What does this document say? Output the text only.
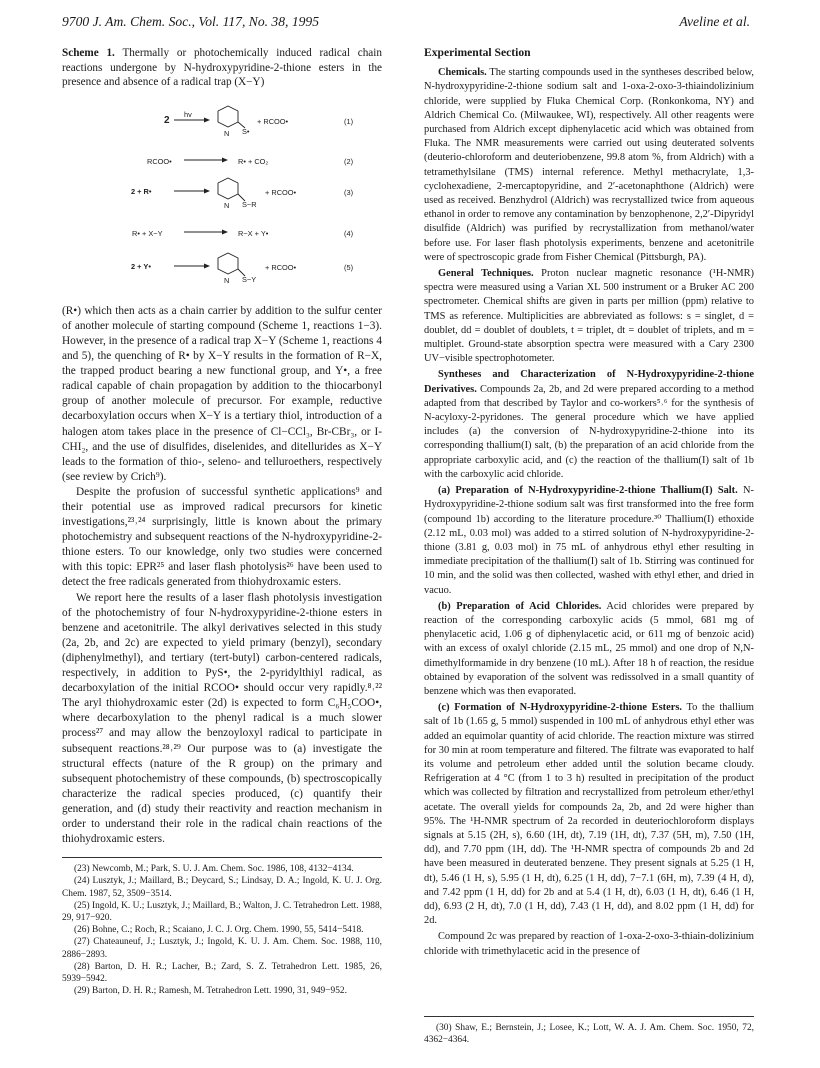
9700 J. Am. Chem. Soc., Vol. 117, No. 38, 1995	Aveline et al.
Scheme 1. Thermally or photochemically induced radical chain reactions undergone by N-hydroxypyridine-2-thione esters in the presence and absence of a radical trap (X−Y)
2
hv
N S•
+ RCOO•	(1)
RCOO•	R• + CO₂	(2)
2 + R•
N S−R
+ RCOO•	(3)
R• + X−Y	R−X + Y•	(4)
2 + Y•
N S−Y
+ RCOO•	(5)

(R•) which then acts as a chain carrier by addition to the sulfur center of another molecule of starting compound (Scheme 1, reactions 1−3). However, in the presence of a radical trap X−Y (Scheme 1, reactions 4 and 5), the quenching of R• by X−Y results in the formation of R−X, the trapped product bearing a new functional group, and Y•, a free radical capable of chain propagation by addition to the thiocarbonyl group of another molecule of precursor. For example, reductive decarboxylation occurs when X−Y is a tertiary thiol, introduction of a halogen atom takes place in the presence of Cl−CCl₃, Br-CBr₃, or I-CHI₂, and the use of disulfides, diselenides, and ditellurides as X−Y leads to the formation of thio-, seleno- and telluroethers, respectively (see review by Crich⁹).

Despite the profusion of successful synthetic applications⁹ and their potential use as improved radical precursors for kinetic investigations,²³˒²⁴ surprisingly, little is known about the primary photochemistry and subsequent reactions of the N-hydroxypyridine-2-thione esters. To our knowledge, only two studies were concerned with this topic: EPR²⁵ and laser flash photolysis²⁶ have been used to detect the free radicals generated from thiohydroxamic esters.

We report here the results of a laser flash photolysis investigation of the photochemistry of four N-hydroxypyridine-2-thione esters in benzene and acetonitrile. The alkyl derivatives selected in this study (2a, 2b, and 2c) are expected to yield primary (benzyl), secondary (diphenylmethyl), and tertiary (tert-butyl) carbon-centered radicals, respectively, in addition to PyS•, the 2-pyridylthiyl radical, as decarboxylation of the initial RCOO• should occur very rapidly.⁸˒²² The aryl thiohydroxamic ester (2d) is expected to form C₆H₅COO•, where decarboxylation to the phenyl radical is a much slower process²⁷ and may allow the benzoyloxyl radical to participate in subsequent reactions.²⁸˒²⁹ Our purpose was to (a) investigate the structural effects (nature of the R group) on the primary and subsequent photochemistry of these compounds, (b) spectroscopically characterize the radical species produced, (c) quantify their generation, and (d) study their reactivity and reaction mechanism in order to understand their role in the radical chain reactions of the thiohydroxamic esters.

(23) Newcomb, M.; Park, S. U. J. Am. Chem. Soc. 1986, 108, 4132−4134.

(24) Lusztyk, J.; Maillard, B.; Deycard, S.; Lindsay, D. A.; Ingold, K. U. J. Org. Chem. 1987, 52, 3509−3514.

(25) Ingold, K. U.; Lusztyk, J.; Maillard, B.; Walton, J. C. Tetrahedron Lett. 1988, 29, 917−920.

(26) Bohne, C.; Roch, R.; Scaiano, J. C. J. Org. Chem. 1990, 55, 5414−5418.

(27) Chateauneuf, J.; Lusztyk, J.; Ingold, K. U. J. Am. Chem. Soc. 1988, 110, 2886−2893.

(28) Barton, D. H. R.; Lacher, B.; Zard, S. Z. Tetrahedron Lett. 1985, 26, 5939−5942.

(29) Barton, D. H. R.; Ramesh, M. Tetrahedron Lett. 1990, 31, 949−952.

Experimental Section

Chemicals. The starting compounds used in the syntheses described below, N-hydroxypyridine-2-thione sodium salt and 1-oxa-2-oxo-3-thiaindolizinium chloride, were supplied by Fluka Chemical Corp. (Ronkonkoma, NY) and Aldrich Chemical Co. (Milwaukee, WI), respectively. All other reagents were purchased from Aldrich except diphenylacetic acid which was obtained from Fluka. The NMR measurements were carried out using deuterated solvents (deuterio-chloroform and deuteriobenzene, 99.8 atom %, from Aldrich) with a tetramethylsilane (TMS) internal reference. Methyl methacrylate, 1,3-cyclohexadiene, 2-mercaptopyridine, and 2′-acetonaphthone (Aldrich) were used as received. Benzhydrol (Aldrich) was recrystallized twice from aqueous ethanol in order to remove any contamination by benzophenone, 2,2′-Dipyridyl disulfide (Aldrich) was purified by recrystallization from methanol/water before use. For laser flash photolysis experiments, benzene and acetonitrile were of spectroscopic grade from Fisher Chemical (Pittsburgh, PA).

General Techniques. Proton nuclear magnetic resonance (¹H-NMR) spectra were measured using a Varian XL 500 instrument or a Bruker AC 200 spectrometer. Chemical shifts are given in parts per million (ppm) relative to TMS as reference. Multiplicities are abbreviated as follows: s = singlet, d = doublet, dd = doublet of doublets, t = triplet, dt = doublet of triplets, and m = multiplet. Ground-state absorption spectra were measured with a Cary 2300 UV−visible spectrophotometer.

Syntheses and Characterization of N-Hydroxypyridine-2-thione Derivatives. Compounds 2a, 2b, and 2d were prepared according to a method adapted from that described by Taylor and co-workers⁵˒⁶ for the synthesis of N-acyloxy-2-pyridones. The general procedure which we have applied includes (a) the conversion of N-hydroxypyridine-2-thione into its corresponding thallium(I) salt, (b) the preparation of an acid chloride from the appropriate carboxylic acid, and (c) the reaction of the thallium(I) salt of 1b with the carboxylic acid chloride.

(a) Preparation of N-Hydroxypyridine-2-thione Thallium(I) Salt. N-Hydroxypyridine-2-thione sodium salt was first transformed into the free form (compound 1b) according to the literature procedure.³⁰ Thallium(I) ethoxide (2.12 mL, 0.03 mol) was added to a stirred solution of N-hydroxypyridine-2-thione (3.81 g, 0.03 mol) in 75 mL of anhydrous ethyl ether resulting in immediate precipitation of the thallium(I) salt of 1b. Stirring was continued for 10 min, and the solid was then collected, washed with ethyl ether, and dried in vacuo.

(b) Preparation of Acid Chlorides. Acid chlorides were prepared by reaction of the corresponding carboxylic acids (5 mmol, 681 mg of phenylacetic acid, 1.06 g of diphenylacetic acid, or 611 mg of benzoic acid) with an excess of oxalyl chloride (2.15 mL, 25 mmol) and one drop of N,N-dimethylformamide in dry benzene (10 mL). After 18 h of reaction, the residue obtained by evaporation of the solvent was redissolved in a small quantity of benzene which was then evaporated.

(c) Formation of N-Hydroxypyridine-2-thione Esters. To the thallium salt of 1b (1.65 g, 5 mmol) suspended in 100 mL of anhydrous ethyl ether was added an equimolar quantity of acid chloride. The reaction mixture was stirred for 30 min at room temperature and filtered. The filtrate was evaporated to half its volume and petroleum ether added until the solution became cloudy. Refrigeration at 4 °C (from 1 to 3 h) resulted in precipitation of the product which was collected by filtration and recrystallized from petroleum ether/ethyl acetate. The overall yields for compounds 2a, 2b, and 2d were higher than 95%. The ¹H-NMR spectrum of 2a recorded in deuteriochloroform displays signals at 5.15 (2H, s), 6.60 (1H, dt), 7.19 (1H, dt), 7.37 (5H, m), 7.50 (1H, dd), and 7.70 ppm (1H, dd). The ¹H-NMR spectra of compounds 2b and 2d have been measured in deuterated benzene. They present signals at 5.25 (1 H, dt), 5.46 (1 H, s), 5.95 (1 H, dt), 6.25 (1 H, dd), 7−7.1 (6H, m), 7.39 (4 H, d), and 7.42 ppm (1 H, dd) for 2b and at 5.4 (1 H, dt), 6.03 (1 H, dt), 6.46 (1 H, dd), 6.93 (2 H, dt), 7.0 (1 H, dd), 7.43 (1 H, dd), and 8.02 ppm (1 H, dd) for 2d.

Compound 2c was prepared by reaction of 1-oxa-2-oxo-3-thiain-dolizinium chloride with trimethylacetic acid in the presence of

(30) Shaw, E.; Bernstein, J.; Losee, K.; Lott, W. A. J. Am. Chem. Soc. 1950, 72, 4362−4364.
